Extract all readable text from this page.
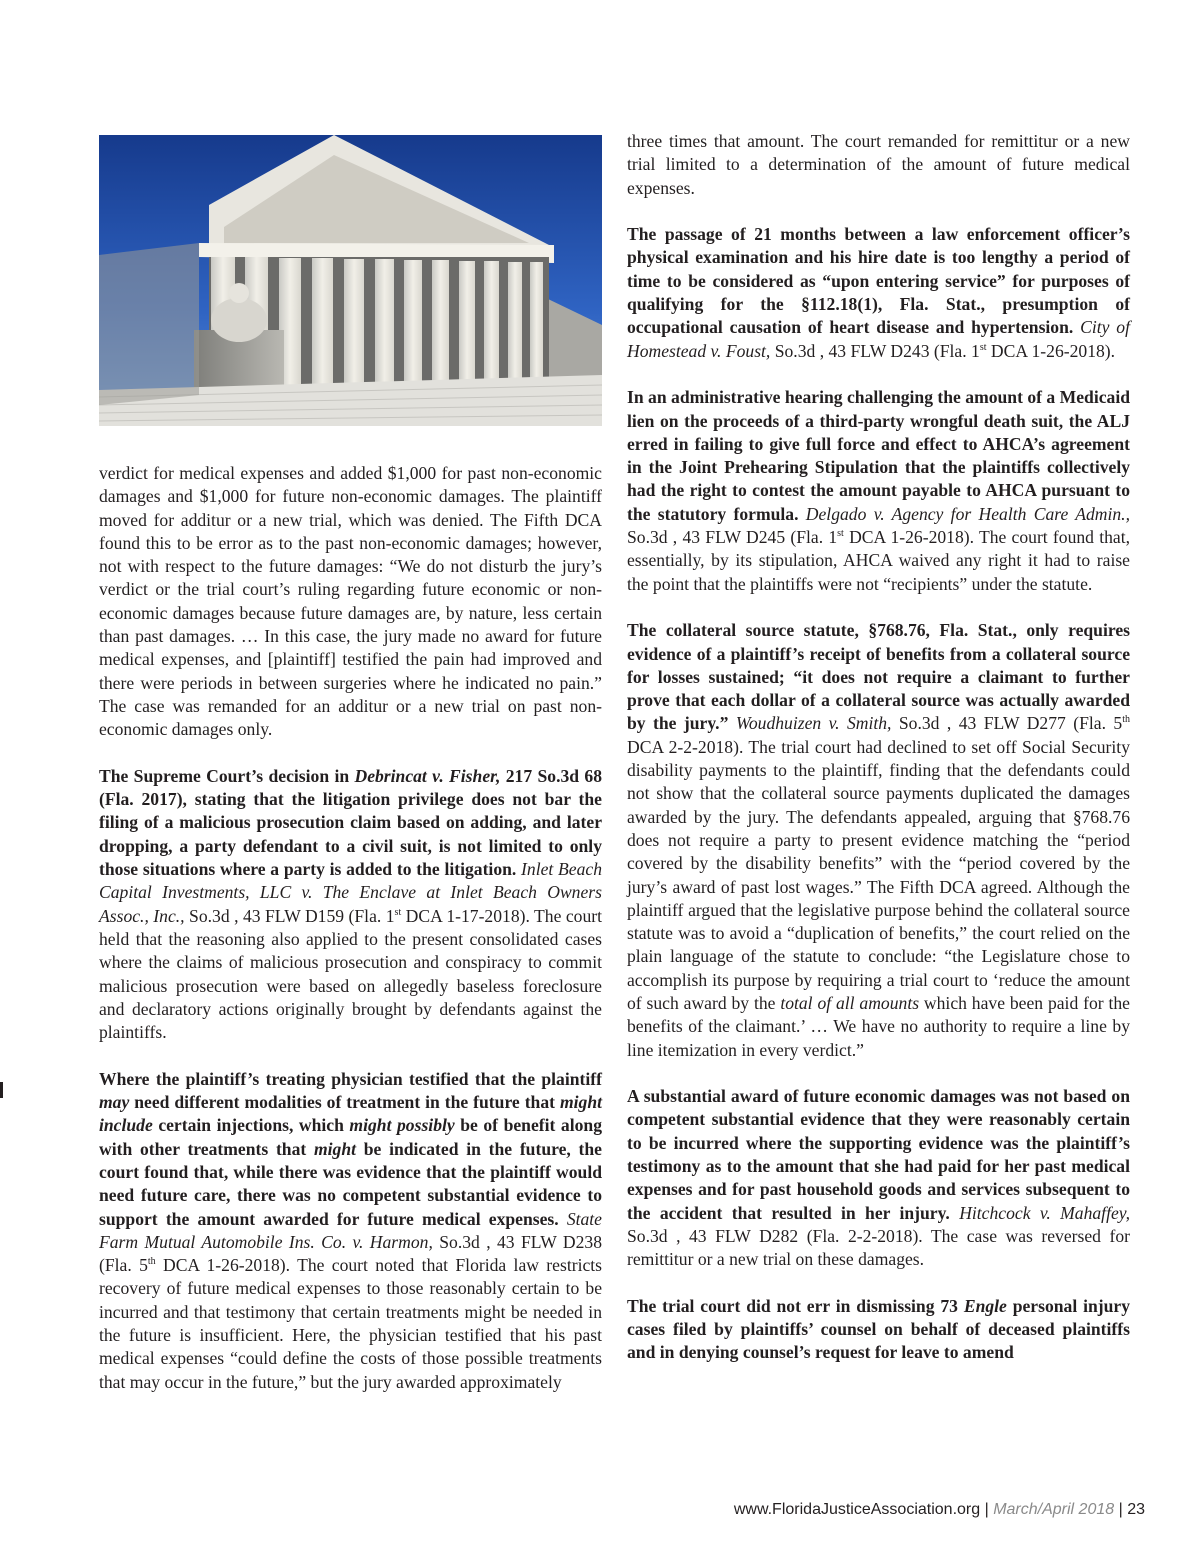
verdict for medical expenses and added $1,000 for past non-economic damages and $1,000 for future non-economic damages. The plaintiff moved for additur or a new trial, which was denied. The Fifth DCA found this to be error as to the past non-economic damages; however, not with respect to the future damages: “We do not disturb the jury’s verdict or the trial court’s ruling regarding future economic or non-economic damages because future damages are, by nature, less certain than past damages. … In this case, the jury made no award for future medical expenses, and [plaintiff] testified the pain had improved and there were periods in between surgeries where he indicated no pain.” The case was remanded for an additur or a new trial on past non-economic damages only.

The Supreme Court’s decision in Debrincat v. Fisher, 217 So.3d 68 (Fla. 2017), stating that the litigation privilege does not bar the filing of a malicious prosecution claim based on adding, and later dropping, a party defendant to a civil suit, is not limited to only those situations where a party is added to the litigation. Inlet Beach Capital Investments, LLC v. The Enclave at Inlet Beach Owners Assoc., Inc., So.3d , 43 FLW D159 (Fla. 1st DCA 1-17-2018). The court held that the reasoning also applied to the present consolidated cases where the claims of malicious prosecution and conspiracy to commit malicious prosecution were based on allegedly baseless foreclosure and declaratory actions originally brought by defendants against the plaintiffs.

Where the plaintiff’s treating physician testified that the plaintiff may need different modalities of treatment in the future that might include certain injections, which might possibly be of benefit along with other treatments that might be indicated in the future, the court found that, while there was evidence that the plaintiff would need future care, there was no competent substantial evidence to support the amount awarded for future medical expenses. State Farm Mutual Automobile Ins. Co. v. Harmon, So.3d , 43 FLW D238 (Fla. 5th DCA 1-26-2018). The court noted that Florida law restricts recovery of future medical expenses to those reasonably certain to be incurred and that testimony that certain treatments might be needed in the future is insufficient. Here, the physician testified that his past medical expenses “could define the costs of those possible treatments that may occur in the future,” but the jury awarded approximately

three times that amount. The court remanded for remittitur or a new trial limited to a determination of the amount of future medical expenses.

The passage of 21 months between a law enforcement officer’s physical examination and his hire date is too lengthy a period of time to be considered as “upon entering service” for purposes of qualifying for the §112.18(1), Fla. Stat., presumption of occupational causation of heart disease and hypertension. City of Homestead v. Foust, So.3d , 43 FLW D243 (Fla. 1st DCA 1-26-2018).

In an administrative hearing challenging the amount of a Medicaid lien on the proceeds of a third-party wrongful death suit, the ALJ erred in failing to give full force and effect to AHCA’s agreement in the Joint Prehearing Stipulation that the plaintiffs collectively had the right to contest the amount payable to AHCA pursuant to the statutory formula. Delgado v. Agency for Health Care Admin., So.3d , 43 FLW D245 (Fla. 1st DCA 1-26-2018). The court found that, essentially, by its stipulation, AHCA waived any right it had to raise the point that the plaintiffs were not “recipients” under the statute.

The collateral source statute, §768.76, Fla. Stat., only requires evidence of a plaintiff’s receipt of benefits from a collateral source for losses sustained; “it does not require a claimant to further prove that each dollar of a collateral source was actually awarded by the jury.” Woudhuizen v. Smith, So.3d , 43 FLW D277 (Fla. 5th DCA 2-2-2018). The trial court had declined to set off Social Security disability payments to the plaintiff, finding that the defendants could not show that the collateral source payments duplicated the damages awarded by the jury. The defendants appealed, arguing that §768.76 does not require a party to present evidence matching the “period covered by the disability benefits” with the “period covered by the jury’s award of past lost wages.” The Fifth DCA agreed. Although the plaintiff argued that the legislative purpose behind the collateral source statute was to avoid a “duplication of benefits,” the court relied on the plain language of the statute to conclude: “the Legislature chose to accomplish its purpose by requiring a trial court to ‘reduce the amount of such award by the total of all amounts which have been paid for the benefits of the claimant.’ … We have no authority to require a line by line itemization in every verdict.”

A substantial award of future economic damages was not based on competent substantial evidence that they were reasonably certain to be incurred where the supporting evidence was the plaintiff’s testimony as to the amount that she had paid for her past medical expenses and for past household goods and services subsequent to the accident that resulted in her injury. Hitchcock v. Mahaffey, So.3d , 43 FLW D282 (Fla. 2-2-2018). The case was reversed for remittitur or a new trial on these damages.

The trial court did not err in dismissing 73 Engle personal injury cases filed by plaintiffs’ counsel on behalf of deceased plaintiffs and in denying counsel’s request for leave to amend

www.FloridaJusticeAssociation.org | March/April 2018 | 23
